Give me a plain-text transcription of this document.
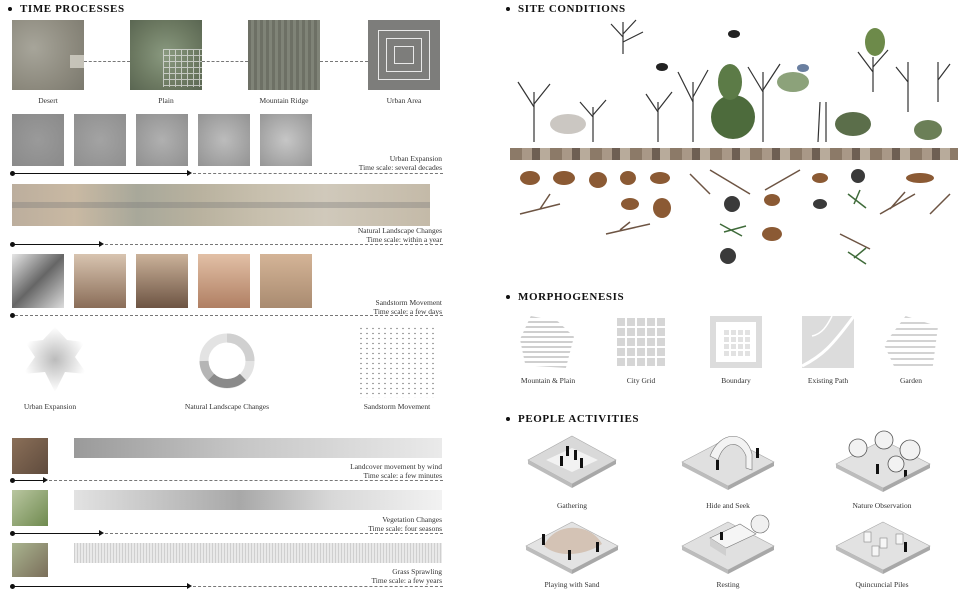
TIME PROCESSES
Desert	Plain	Mountain Ridge	Urban Area
Urban Expansion
Time scale: several decades
Natural Landscape Changes
Time scale: within a year
Sandstorm Movement
Time scale: a few days
Urban Expansion	Natural Landscape Changes	Sandstorm Movement
Landcover movement by wind
Time scale: a few minutes
Vegetation Changes
Time scale: four seasons
Grass Sprawling
Time scale: a few years
SITE CONDITIONS
MORPHOGENESIS
Mountain & Plain	City Grid	Boundary	Existing Path	Garden
PEOPLE ACTIVITIES
Gathering	Hide and Seek	Nature Observation
Playing with Sand	Resting	Quincuncial Piles
